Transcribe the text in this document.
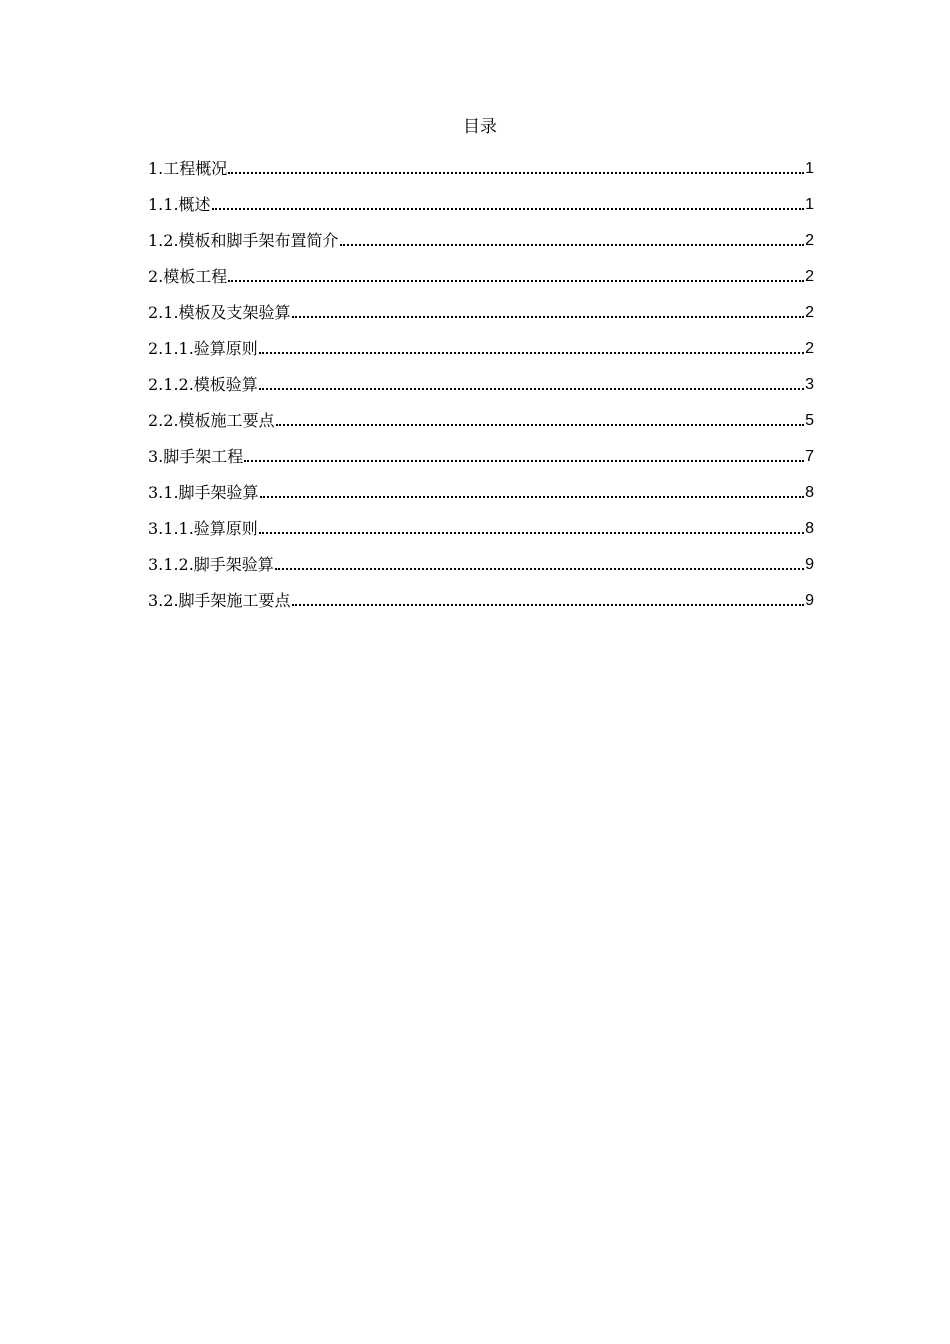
目录
1.工程概况	1
1.1.概述	1
1.2.模板和脚手架布置简介	2
2.模板工程	2
2.1.模板及支架验算	2
2.1.1.验算原则	2
2.1.2.模板验算	3
2.2.模板施工要点	5
3.脚手架工程	7
3.1.脚手架验算	8
3.1.1.验算原则	8
3.1.2.脚手架验算	9
3.2.脚手架施工要点	9
